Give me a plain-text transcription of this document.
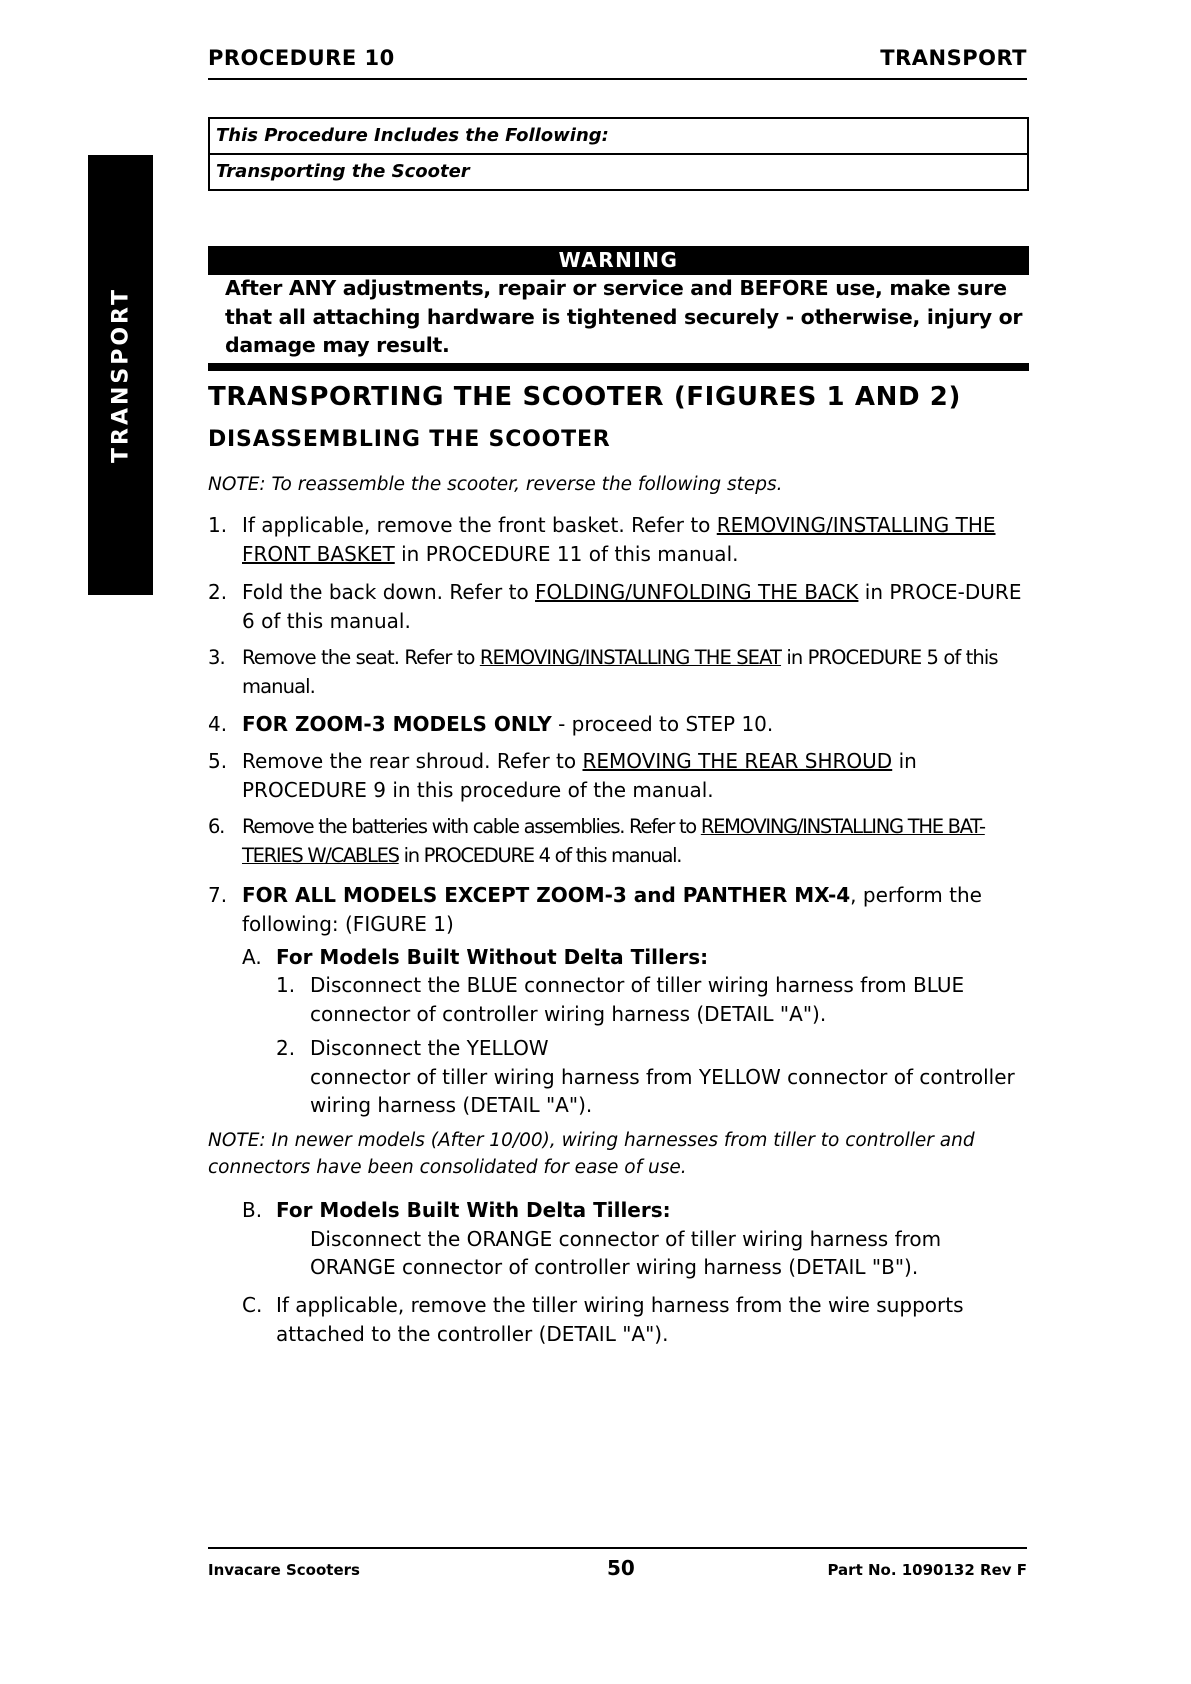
TRANSPORT
PROCEDURE 10	TRANSPORT
This Procedure Includes the Following:
Transporting the Scooter
WARNING
After ANY adjustments, repair or service and BEFORE use, make sure that all attaching hardware is tightened securely - otherwise, injury or damage may result.
TRANSPORTING THE SCOOTER (FIGURES 1 AND 2)
DISASSEMBLING THE SCOOTER
NOTE: To reassemble the scooter, reverse the following steps.
1. If applicable, remove the front basket. Refer to REMOVING/INSTALLING THE FRONT BASKET in PROCEDURE 11 of this manual.
2. Fold the back down. Refer to FOLDING/UNFOLDING THE BACK in PROCE-DURE 6 of this manual.
3. Remove the seat. Refer to REMOVING/INSTALLING THE SEAT in PROCEDURE 5 of this manual.
4. FOR ZOOM-3 MODELS ONLY - proceed to STEP 10.
5. Remove the rear shroud. Refer to REMOVING THE REAR SHROUD in PROCEDURE 9 in this procedure of the manual.
6. Remove the batteries with cable assemblies. Refer to REMOVING/INSTALLING THE BAT-TERIES W/CABLES in PROCEDURE 4 of this manual.
7. FOR ALL MODELS EXCEPT ZOOM-3 and PANTHER MX-4, perform the following: (FIGURE 1)
A. For Models Built Without Delta Tillers:
1. Disconnect the BLUE connector of tiller wiring harness from BLUE connector of controller wiring harness (DETAIL "A").
2. Disconnect the YELLOW
connector of tiller wiring harness from YELLOW connector of controller wiring harness (DETAIL "A").
NOTE: In newer models (After 10/00), wiring harnesses from tiller to controller and connectors have been consolidated for ease of use.
B. For Models Built With Delta Tillers:
Disconnect the ORANGE connector of tiller wiring harness from ORANGE connector of controller wiring harness (DETAIL "B").
C. If applicable, remove the tiller wiring harness from the wire supports attached to the controller (DETAIL "A").
Invacare Scooters	50	Part No. 1090132 Rev F
